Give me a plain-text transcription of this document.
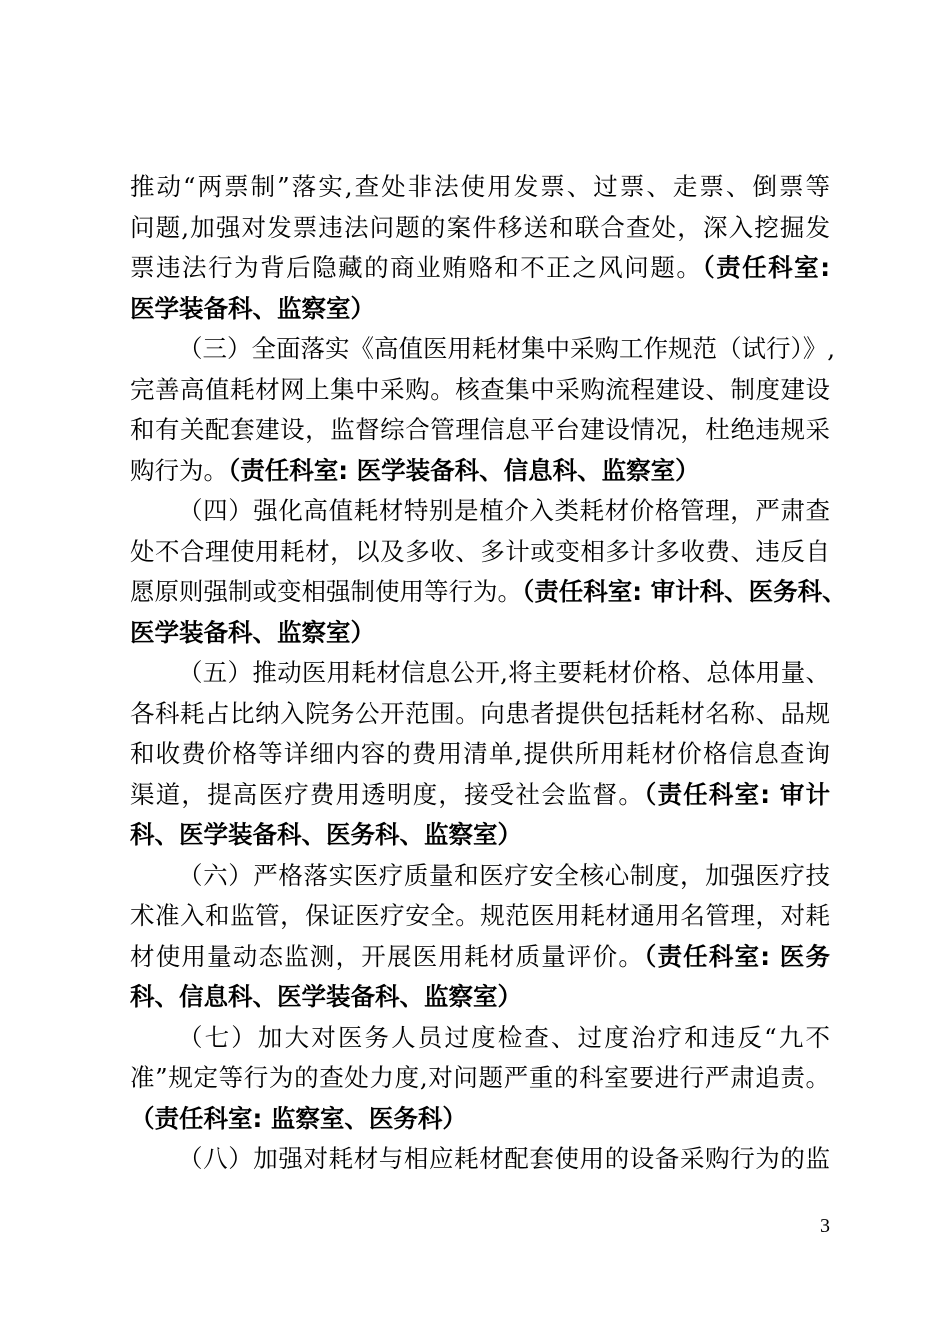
推动“两票制”落实,查处非法使用发票、过票、走票、倒票等
问题,加强对发票违法问题的案件移送和联合查处，深入挖掘发
票违法行为背后隐藏的商业贿赂和不正之风问题。（责任科室:
医学装备科、监察室）
（三）全面落实《高值医用耗材集中采购工作规范（试行）》,
完善高值耗材网上集中采购。核查集中采购流程建设、制度建设
和有关配套建设，监督综合管理信息平台建设情况，杜绝违规采
购行为。（责任科室: 医学装备科、信息科、监察室）
（四）强化高值耗材特别是植介入类耗材价格管理，严肃查
处不合理使用耗材，以及多收、多计或变相多计多收费、违反自
愿原则强制或变相强制使用等行为。（责任科室: 审计科、医务科、
医学装备科、监察室）
（五）推动医用耗材信息公开,将主要耗材价格、总体用量、
各科耗占比纳入院务公开范围。向患者提供包括耗材名称、品规
和收费价格等详细内容的费用清单,提供所用耗材价格信息查询
渠道，提高医疗费用透明度，接受社会监督。（责任科室: 审计
科、医学装备科、医务科、监察室）
（六）严格落实医疗质量和医疗安全核心制度，加强医疗技
术准入和监管，保证医疗安全。规范医用耗材通用名管理，对耗
材使用量动态监测，开展医用耗材质量评价。（责任科室: 医务
科、信息科、医学装备科、监察室）
（七）加大对医务人员过度检查、过度治疗和违反“九不
准”规定等行为的查处力度,对问题严重的科室要进行严肃追责。
（责任科室: 监察室、医务科）
（八）加强对耗材与相应耗材配套使用的设备采购行为的监
3
